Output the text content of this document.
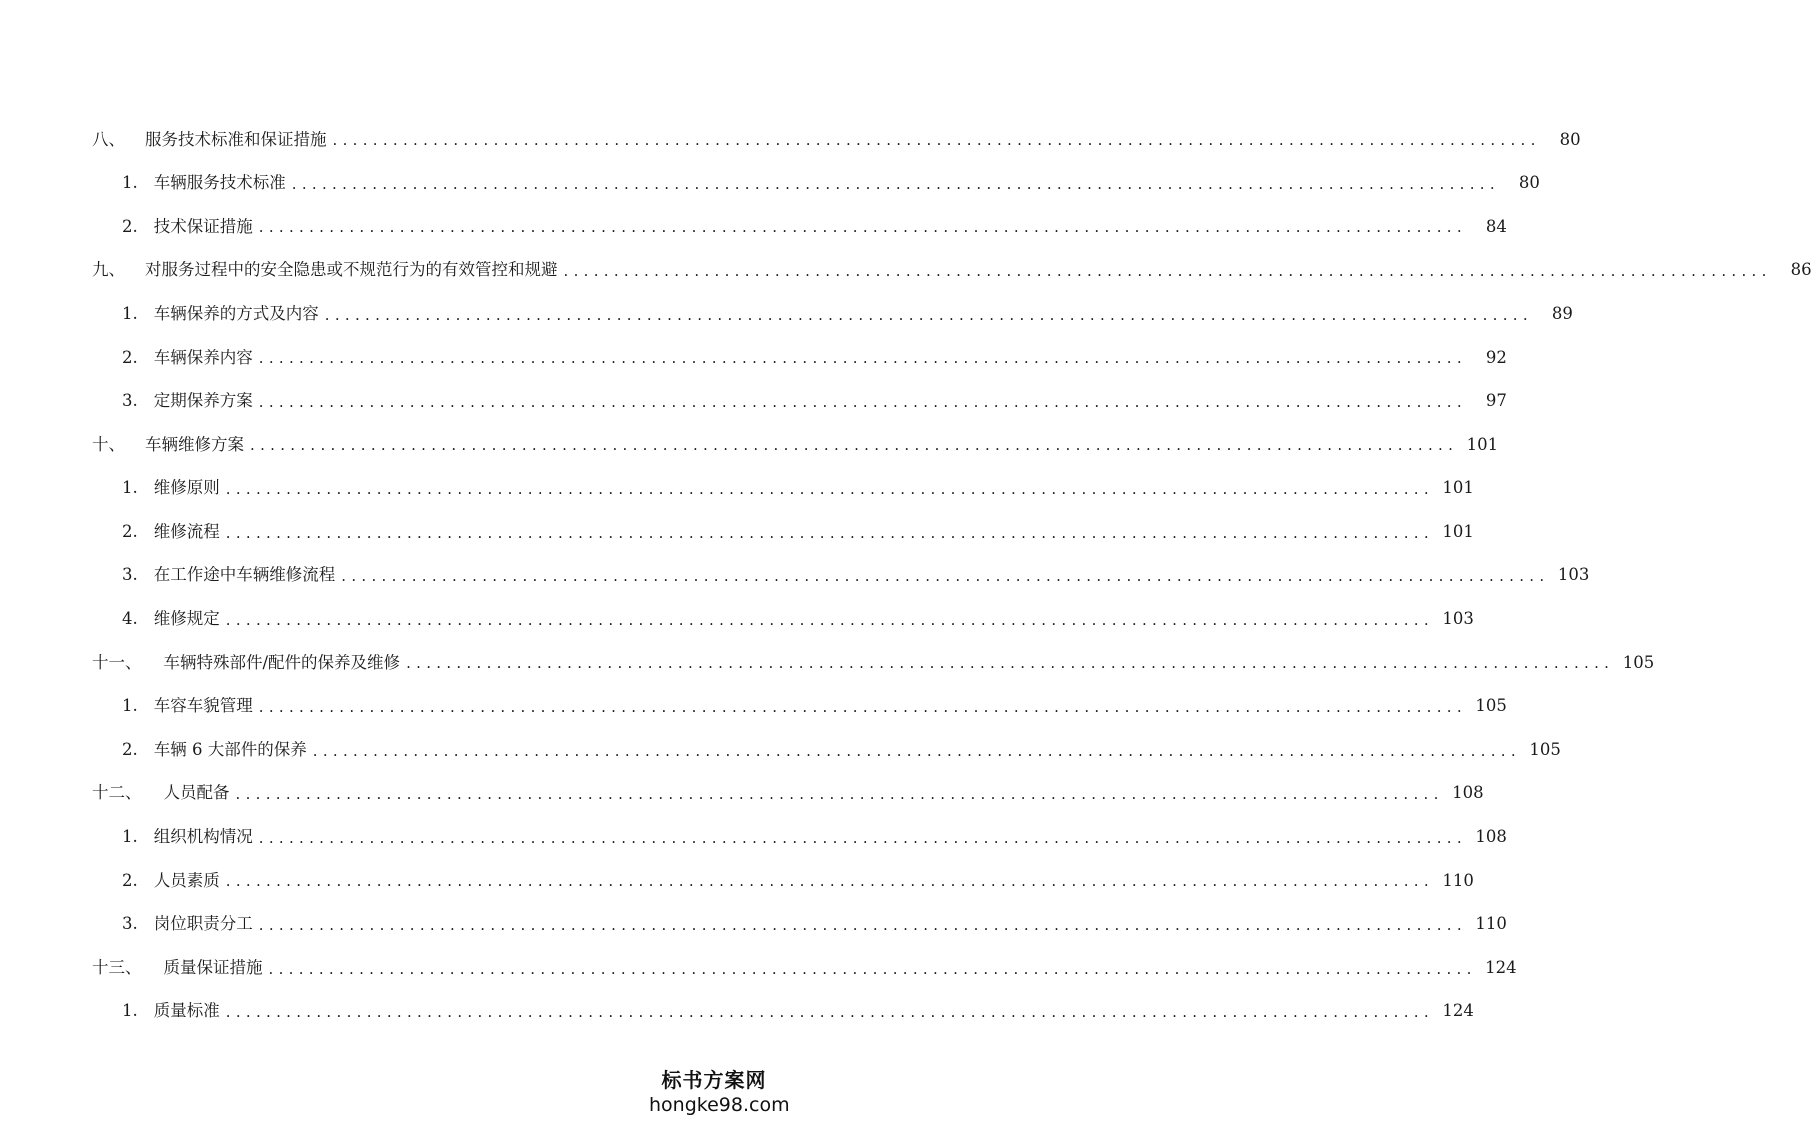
八、 服务技术标准和保证措施 ........................................................................................................................	80
1. 车辆服务技术标准 ........................................................................................................................	80
2. 技术保证措施 ........................................................................................................................	84
九、 对服务过程中的安全隐患或不规范行为的有效管控和规避 ........................................................................................................................	86
1. 车辆保养的方式及内容 ........................................................................................................................	89
2. 车辆保养内容 ........................................................................................................................	92
3. 定期保养方案 ........................................................................................................................	97
十、 车辆维修方案 ........................................................................................................................ 101
1. 维修原则 ........................................................................................................................ 101
2. 维修流程 ........................................................................................................................ 101
3. 在工作途中车辆维修流程 ........................................................................................................................ 103
4. 维修规定 ........................................................................................................................ 103
十一、 车辆特殊部件/配件的保养及维修 ........................................................................................................................ 105
1. 车容车貌管理 ........................................................................................................................ 105
2. 车辆 6 大部件的保养 ........................................................................................................................ 105
十二、 人员配备 ........................................................................................................................ 108
1. 组织机构情况 ........................................................................................................................ 108
2. 人员素质 ........................................................................................................................ 110
3. 岗位职责分工 ........................................................................................................................ 110
十三、 质量保证措施 ........................................................................................................................ 124
1. 质量标准 ........................................................................................................................ 124
标书方案网
hongke98.com
